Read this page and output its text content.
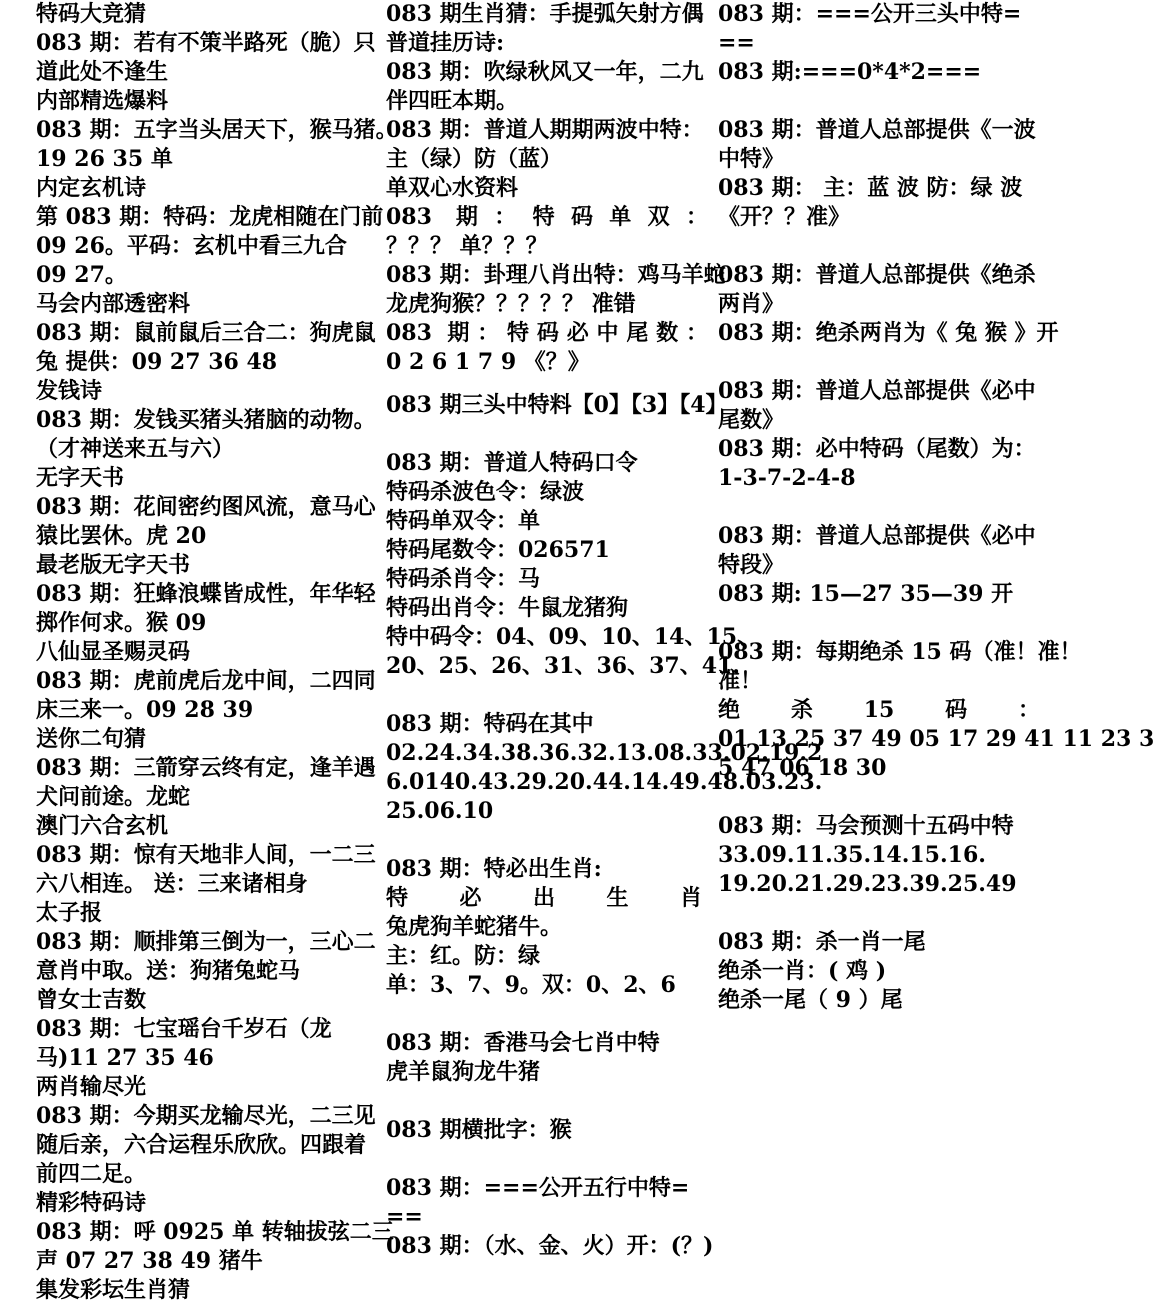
特码大竞猜
083 期：若有不策半路死（脆）只
道此处不逢生
内部精选爆料
083 期：五字当头居天下，猴马猪。
19 26 35 单
内定玄机诗
第 083 期：特码：龙虎相随在门前
09 26。平码：玄机中看三九合
09 27。
马会内部透密料
083 期：鼠前鼠后三合二：狗虎鼠
兔 提供：09 27 36 48
发钱诗
083 期：发钱买猪头猪脑的动物。
（才神送来五与六）
无字天书
083 期：花间密约图风流，意马心
猿比罢休。虎 20
最老版无字天书
083 期：狂蜂浪蝶皆成性，年华轻
掷作何求。猴 09
八仙显圣赐灵码
083 期：虎前虎后龙中间，二四同
床三来一。09 28 39
送你二句猜
083 期：三箭穿云终有定，逢羊遇
犬问前途。龙蛇
澳门六合玄机
083 期：惊有天地非人间，一二三
六八相连。 送：三来诸相身
太子报
083 期：顺排第三倒为一，三心二
意肖中取。送：狗猪兔蛇马
曾女士吉数
083 期：七宝瑶台千岁石（龙
马)11 27 35 46
两肖输尽光
083 期：今期买龙输尽光，二三见
随后亲，六合运程乐欣欣。四跟着
前四二足。
精彩特码诗
083 期：呼 0925 单 转轴拔弦二三
声 07 27 38 49 猪牛
集发彩坛生肖猜
083 期生肖猜：手提弧矢射方偶
普道挂历诗:
083 期：吹绿秋风又一年，二九
伴四旺本期。
083 期：普道人期期两波中特：
主（绿）防（蓝）
单双心水资料
083 期：特码单双：
？？？ 单？？？
083 期：卦理八肖出特：鸡马羊蛇
龙虎狗猴？？？？？ 准错
083 期：特码必中尾数：
0 2 6 1 7 9 《？》
083 期三头中特料【0】【3】【4】
083 期：普道人特码口令
特码杀波色令：绿波
特码单双令：单
特码尾数令：026571
特码杀肖令：马
特码出肖令：牛鼠龙猪狗
特中码令：04、09、10、14、15、
20、25、26、31、36、37、41.
083 期：特码在其中
02.24.34.38.36.32.13.08.33.02.19.2
6.0140.43.29.20.44.14.49.48.03.23.
25.06.10
083 期：特必出生肖:
特必出生肖
兔虎狗羊蛇猪牛。
主：红。防：绿
单：3、7、9。双：0、2、6
083 期：香港马会七肖中特
虎羊鼠狗龙牛猪
083 期横批字：猴
083 期：===公开五行中特=
==
083 期：（水、金、火）开：(？)
083 期：===公开三头中特=
==
083 期:===0*4*2===
083 期：普道人总部提供《一波
中特》
083 期： 主：蓝 波 防：绿 波
《开？？准》
083 期：普道人总部提供《绝杀
两肖》
083 期：绝杀两肖为《 兔 猴 》开
083 期：普道人总部提供《必中
尾数》
083 期：必中特码（尾数）为：
1-3-7-2-4-8
083 期：普道人总部提供《必中
特段》
083 期: 15—27 35—39 开
083 期：每期绝杀 15 码（准！准！
准！
绝杀15码：
01 13 25 37 49 05 17 29 41 11 23 3
5 47 06 18 30
083 期：马会预测十五码中特
33.09.11.35.14.15.16.
19.20.21.29.23.39.25.49
083 期：杀一肖一尾
绝杀一肖：( 鸡 )
绝杀一尾（ 9 ）尾
